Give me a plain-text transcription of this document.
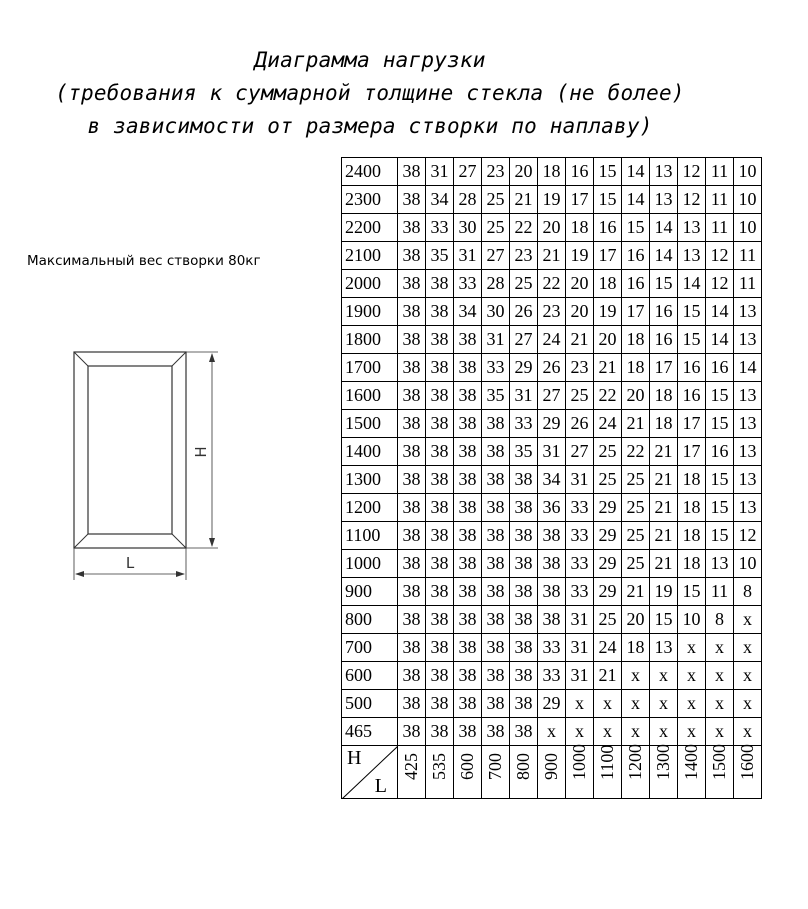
Диаграмма нагрузки
(требования к суммарной толщине стекла (не более)
в зависимости от размера створки по наплаву)
Максимальный вес створки 80кг
H
L
2400	38	31	27	23	20	18	16	15	14	13	12	11	10
2300	38	34	28	25	21	19	17	15	14	13	12	11	10
2200	38	33	30	25	22	20	18	16	15	14	13	11	10
2100	38	35	31	27	23	21	19	17	16	14	13	12	11
2000	38	38	33	28	25	22	20	18	16	15	14	12	11
1900	38	38	34	30	26	23	20	19	17	16	15	14	13
1800	38	38	38	31	27	24	21	20	18	16	15	14	13
1700	38	38	38	33	29	26	23	21	18	17	16	16	14
1600	38	38	38	35	31	27	25	22	20	18	16	15	13
1500	38	38	38	38	33	29	26	24	21	18	17	15	13
1400	38	38	38	38	35	31	27	25	22	21	17	16	13
1300	38	38	38	38	38	34	31	25	25	21	18	15	13
1200	38	38	38	38	38	36	33	29	25	21	18	15	13
1100	38	38	38	38	38	38	33	29	25	21	18	15	12
1000	38	38	38	38	38	38	33	29	25	21	18	13	10
900	38	38	38	38	38	38	33	29	21	19	15	11	8
800	38	38	38	38	38	38	31	25	20	15	10	8	x
700	38	38	38	38	38	33	31	24	18	13	x	x	x
600	38	38	38	38	38	33	31	21	x	x	x	x	x
500	38	38	38	38	38	29	x	x	x	x	x	x	x
465	38	38	38	38	38	x	x	x	x	x	x	x	x

H
L	425	535	600	700	800	900	1000	1100	1200	1300	1400	1500	1600
